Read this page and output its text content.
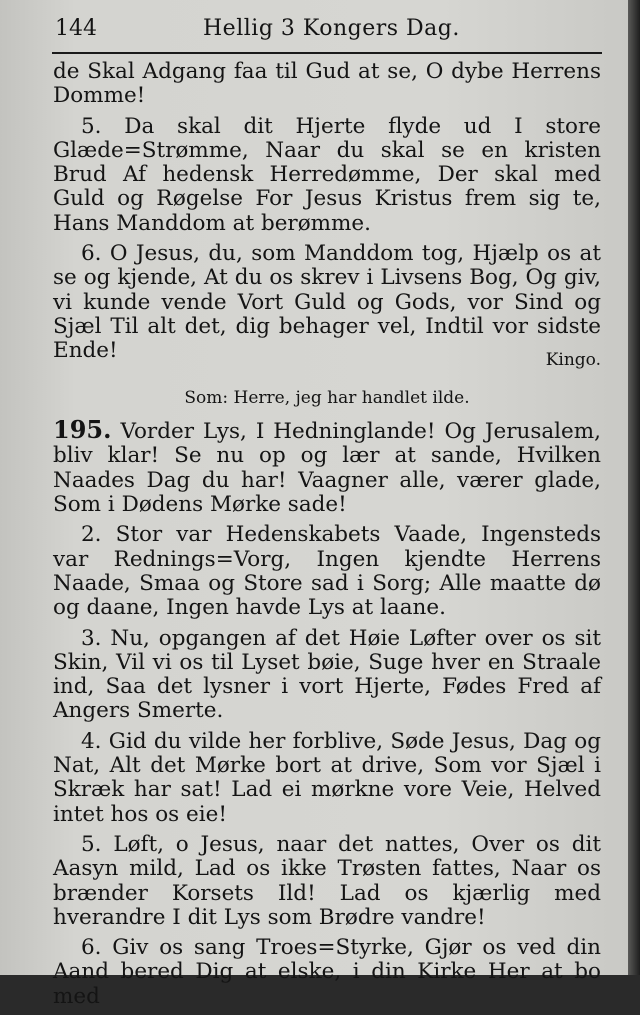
144	Hellig 3 Kongers Dag.

de Skal Adgang faa til Gud at se, O dybe Herrens Domme!

5. Da skal dit Hjerte flyde ud I store Glæde=Strømme, Naar du skal se en kristen Brud Af hedensk Herredømme, Der skal med Guld og Røgelse For Jesus Kristus frem sig te, Hans Manddom at berømme.

6. O Jesus, du, som Manddom tog, Hjælp os at se og kjende, At du os skrev i Livsens Bog, Og giv, vi kunde vende Vort Guld og Gods, vor Sind og Sjæl Til alt det, dig behager vel, Indtil vor sidste Ende!	Kingo.
Som: Herre, jeg har handlet ilde.

195. Vorder Lys, I Hedninglande! Og Jerusalem, bliv klar! Se nu op og lær at sande, Hvilken Naades Dag du har! Vaagner alle, værer glade, Som i Dødens Mørke sade!

2. Stor var Hedenskabets Vaade, Ingensteds var Rednings=Vorg, Ingen kjendte Herrens Naade, Smaa og Store sad i Sorg; Alle maatte dø og daane, Ingen havde Lys at laane.

3. Nu, opgangen af det Høie Løfter over os sit Skin, Vil vi os til Lyset bøie, Suge hver en Straale ind, Saa det lysner i vort Hjerte, Fødes Fred af Angers Smerte.

4. Gid du vilde her forblive, Søde Jesus, Dag og Nat, Alt det Mørke bort at drive, Som vor Sjæl i Skræk har sat! Lad ei mørkne vore Veie, Helved intet hos os eie!

5. Løft, o Jesus, naar det nattes, Over os dit Aasyn mild, Lad os ikke Trøsten fattes, Naar os brænder Korsets Ild! Lad os kjærlig med hverandre I dit Lys som Brødre vandre!

6. Giv os sang Troes=Styrke, Gjør os ved din Aand bered Dig at elske, i din Kirke Her at bo med
